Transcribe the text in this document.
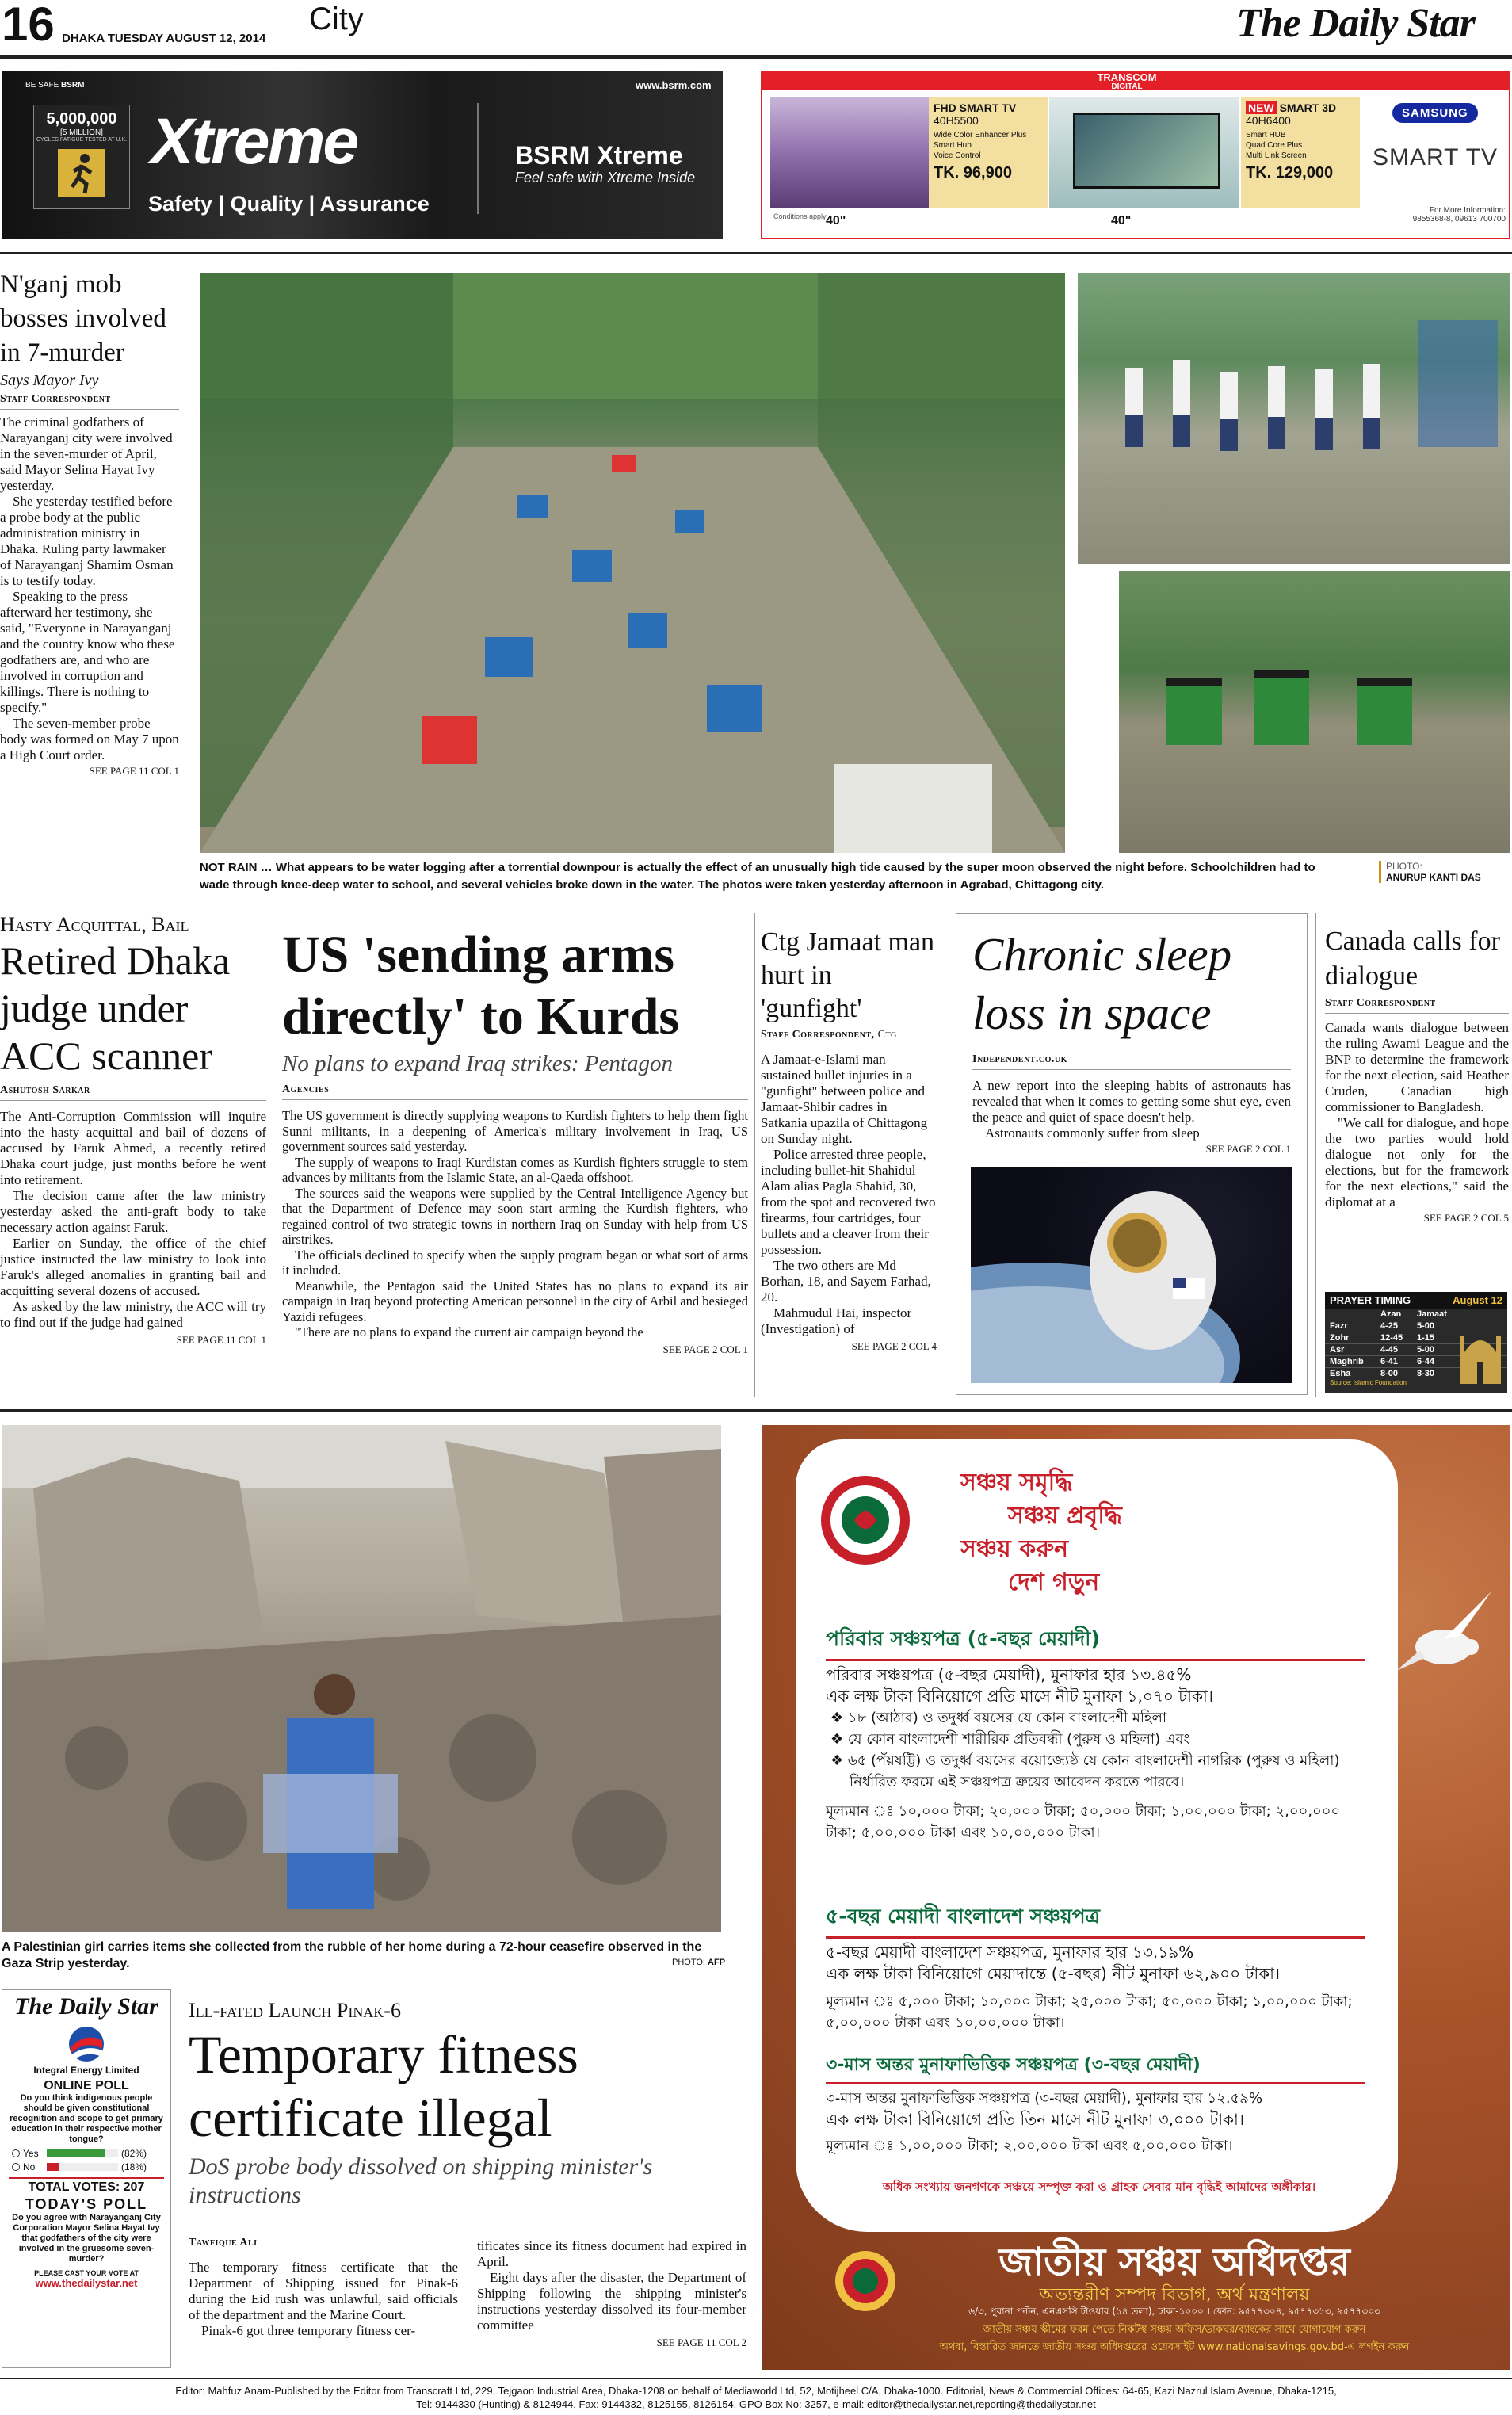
16 DHAKA TUESDAY AUGUST 12, 2014
City	The Daily Star
BE SAFE BSRM	www.bsrm.com
5,000,000
[5 MILLION]
CYCLES FATIGUE TESTED AT U.K. Xtreme
Safety | Quality | Assurance
BSRM Xtreme
Feel safe with Xtreme Inside
TRANSCOM
DIGITAL
Conditions apply
FHD SMART TV
40H5500
Wide Color Enhancer Plus
Smart Hub
Voice Control
TK. 96,900
40"	40"
NEW SMART 3D
40H6400
Smart HUB
Quad Core Plus
Multi Link Screen
TK. 129,000
SAMSUNG
SMART TV
For More Information:
9855368-8, 09613 700700
N'ganj mob bosses involved in 7-murder
Says Mayor Ivy
Staff Correspondent

The criminal godfathers of Narayanganj city were involved in the seven-murder of April, said Mayor Selina Hayat Ivy yesterday.

She yesterday testified before a probe body at the public administration ministry in Dhaka. Ruling party lawmaker of Narayanganj Shamim Osman is to testify today.

Speaking to the press afterward her testimony, she said, "Everyone in Narayanganj and the country know who these godfathers are, and who are involved in corruption and killings. There is nothing to specify."

The seven-member probe body was formed on May 7 upon a High Court order.

SEE PAGE 11 COL 1
NOT RAIN … What appears to be water logging after a torrential downpour is actually the effect of an unusually high tide caused by the super moon observed the night before. Schoolchildren had to wade through knee-deep water to school, and several vehicles broke down in the water. The photos were taken yesterday afternoon in Agrabad, Chittagong city.
PHOTO:
ANURUP KANTI DAS
Hasty Acquittal, Bail
Retired Dhaka judge under ACC scanner
Ashutosh Sarkar

The Anti-Corruption Commission will inquire into the hasty acquittal and bail of dozens of accused by Faruk Ahmed, a recently retired Dhaka court judge, just months before he went into retirement.

The decision came after the law ministry yesterday asked the anti-graft body to take necessary action against Faruk.

Earlier on Sunday, the office of the chief justice instructed the law ministry to look into Faruk's alleged anomalies in granting bail and acquitting several dozens of accused.

As asked by the law ministry, the ACC will try to find out if the judge had gained

SEE PAGE 11 COL 1
US 'sending arms directly' to Kurds
No plans to expand Iraq strikes: Pentagon
Agencies

The US government is directly supplying weapons to Kurdish fighters to help them fight Sunni militants, in a deepening of America's military involvement in Iraq, US government sources said yesterday.

The supply of weapons to Iraqi Kurdistan comes as Kurdish fighters struggle to stem advances by militants from the Islamic State, an al-Qaeda offshoot.

The sources said the weapons were supplied by the Central Intelligence Agency but that the Department of Defence may soon start arming the Kurdish fighters, who regained control of two strategic towns in northern Iraq on Sunday with help from US airstrikes.

The officials declined to specify when the supply program began or what sort of arms it included.

Meanwhile, the Pentagon said the United States has no plans to expand its air campaign in Iraq beyond protecting American personnel in the city of Arbil and besieged Yazidi refugees.

"There are no plans to expand the current air campaign beyond the

SEE PAGE 2 COL 1
Ctg Jamaat man hurt in 'gunfight'
Staff Correspondent, Ctg

A Jamaat-e-Islami man sustained bullet injuries in a "gunfight" between police and Jamaat-Shibir cadres in Satkania upazila of Chittagong on Sunday night.

Police arrested three people, including bullet-hit Shahidul Alam alias Pagla Shahid, 30, from the spot and recovered two firearms, four cartridges, four bullets and a cleaver from their possession.

The two others are Md Borhan, 18, and Sayem Farhad, 20.

Mahmudul Hai, inspector (Investigation) of

SEE PAGE 2 COL 4
Chronic sleep loss in space
Independent.co.uk

A new report into the sleeping habits of astronauts has revealed that when it comes to getting some shut eye, even the peace and quiet of space doesn't help.

Astronauts commonly suffer from sleep

SEE PAGE 2 COL 1
Canada calls for dialogue
Staff Correspondent

Canada wants dialogue between the ruling Awami League and the BNP to determine the framework for the next election, said Heather Cruden, Canadian high commissioner to Bangladesh.

"We call for dialogue, and hope the two parties would hold dialogue not only for the elections, but for the framework for the next elections," said the diplomat at a

SEE PAGE 2 COL 5
PRAYER TIMING	August 12
Azan	Jamaat
Fazr	4-25	5-00
Zohr	12-45	1-15
Asr	4-45	5-00
Maghrib	6-41	6-44
Esha	8-00	8-30
Source: Islamic Foundation
A Palestinian girl carries items she collected from the rubble of her home during a 72-hour ceasefire observed in the Gaza Strip yesterday.	PHOTO: AFP
The Daily Star
Integral Energy Limited
ONLINE POLL
Do you think indigenous people should be given constitutional recognition and scope to get primary education in their respective mother tongue?
Yes	(82%)
No	(18%)
TOTAL VOTES: 207
TODAY'S POLL
Do you agree with Narayanganj City Corporation Mayor Selina Hayat Ivy that godfathers of the city were involved in the gruesome seven-murder?
PLEASE CAST YOUR VOTE AT
www.thedailystar.net
Ill-fated Launch Pinak-6
Temporary fitness certificate illegal
DoS probe body dissolved on shipping minister's instructions
Tawfique Ali

The temporary fitness certificate that the Department of Shipping issued for Pinak-6 during the Eid rush was unlawful, said officials of the department and the Marine Court.

Pinak-6 got three temporary fitness cer-

tificates since its fitness document had expired in April.

Eight days after the disaster, the Department of Shipping following the shipping minister's instructions yesterday dissolved its four-member committee

SEE PAGE 11 COL 2
সঞ্চয় সমৃদ্ধি
সঞ্চয় প্রবৃদ্ধি
সঞ্চয় করুন
দেশ গড়ুন
পরিবার সঞ্চয়পত্র (৫-বছর মেয়াদী)
পরিবার সঞ্চয়পত্র (৫-বছর মেয়াদী), মুনাফার হার ১৩.৪৫%
এক লক্ষ টাকা বিনিয়োগে প্রতি মাসে নীট মুনাফা ১,০৭০ টাকা।
❖ ১৮ (আঠার) ও তদুর্ধ্ব বয়সের যে কোন বাংলাদেশী মহিলা
❖ যে কোন বাংলাদেশী শারীরিক প্রতিবন্ধী (পুরুষ ও মহিলা) এবং
❖ ৬৫ (পঁয়ষট্টি) ও তদুর্ধ্ব বয়সের বয়োজ্যেষ্ঠ যে কোন বাংলাদেশী নাগরিক (পুরুষ ও মহিলা) নির্ধারিত ফরমে এই সঞ্চয়পত্র ক্রয়ের আবেদন করতে পারবে।
মূল্যমান ঃ ১০,০০০ টাকা; ২০,০০০ টাকা; ৫০,০০০ টাকা; ১,০০,০০০ টাকা; ২,০০,০০০ টাকা; ৫,০০,০০০ টাকা এবং ১০,০০,০০০ টাকা।
৫-বছর মেয়াদী বাংলাদেশ সঞ্চয়পত্র
৫-বছর মেয়াদী বাংলাদেশ সঞ্চয়পত্র, মুনাফার হার ১৩.১৯%
এক লক্ষ টাকা বিনিয়োগে মেয়াদান্তে (৫-বছর) নীট মুনাফা ৬২,৯০০ টাকা।
মূল্যমান ঃ ৫,০০০ টাকা; ১০,০০০ টাকা; ২৫,০০০ টাকা; ৫০,০০০ টাকা; ১,০০,০০০ টাকা; ৫,০০,০০০ টাকা এবং ১০,০০,০০০ টাকা।
৩-মাস অন্তর মুনাফাভিত্তিক সঞ্চয়পত্র (৩-বছর মেয়াদী)
৩-মাস অন্তর মুনাফাভিত্তিক সঞ্চয়পত্র (৩-বছর মেয়াদী), মুনাফার হার ১২.৫৯%
এক লক্ষ টাকা বিনিয়োগে প্রতি তিন মাসে নীট মুনাফা ৩,০০০ টাকা।
মূল্যমান ঃ ১,০০,০০০ টাকা; ২,০০,০০০ টাকা এবং ৫,০০,০০০ টাকা।
অধিক সংখ্যায় জনগণকে সঞ্চয়ে সম্পৃক্ত করা ও গ্রাহক সেবার মান বৃদ্ধিই আমাদের অঙ্গীকার।
জাতীয় সঞ্চয় অধিদপ্তর
অভ্যন্তরীণ সম্পদ বিভাগ, অর্থ মন্ত্রণালয়
৬/৩, পুরানা পল্টন, এনএসসি টাওয়ার (১৪ তলা), ঢাকা-১০০০ । ফোন: ৯৫৭৭৩০৪, ৯৫৭৭৩১৩, ৯৫৭৭৩০৩
জাতীয় সঞ্চয় স্কীমের ফরম পেতে নিকটস্থ সঞ্চয় অফিস/ডাকঘর/ব্যাংকের সাথে যোগাযোগ করুন
অথবা, বিস্তারিত জানতে জাতীয় সঞ্চয় অধিদপ্তরের ওয়েবসাইট www.nationalsavings.gov.bd-এ লগইন করুন
Editor: Mahfuz Anam-Published by the Editor from Transcraft Ltd, 229, Tejgaon Industrial Area, Dhaka-1208 on behalf of Mediaworld Ltd, 52, Motijheel C/A, Dhaka-1000. Editorial, News & Commercial Offices: 64-65, Kazi Nazrul Islam Avenue, Dhaka-1215,
Tel: 9144330 (Hunting) & 8124944, Fax: 9144332, 8125155, 8126154, GPO Box No: 3257, e-mail: editor@thedailystar.net,reporting@thedailystar.net
